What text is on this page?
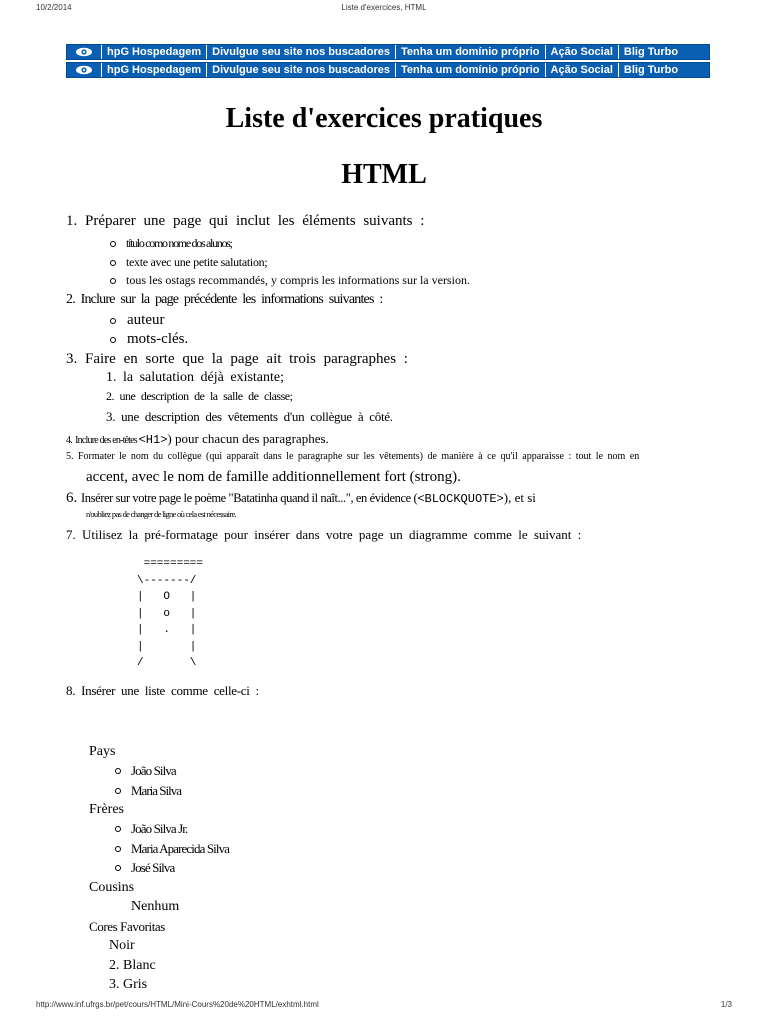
10/2/2014	Liste d'exercices, HTML
hpG Hospedagem	Divulgue seu site nos buscadores	Tenha um domínio próprio	Ação Social	Blig Turbo
hpG Hospedagem	Divulgue seu site nos buscadores	Tenha um domínio próprio	Ação Social	Blig Turbo
Liste d'exercices pratiques
HTML
1. Préparer une page qui inclut les éléments suivants :
título como nome dos alunos;
texte avec une petite salutation;
tous les ostags recommandés, y compris les informations sur la version.
2. Inclure sur la page précédente les informations suivantes :
auteur
mots-clés.
3. Faire en sorte que la page ait trois paragraphes :
1. la salutation déjà existante;
2. une description de la salle de classe;
3. une description des vêtements d'un collègue à côté.
4. Inclure des en-têtes <H1>) pour chacun des paragraphes.
5. Formater le nom du collègue (qui apparaît dans le paragraphe sur les vêtements) de manière à ce qu'il apparaisse : tout le nom en
accent, avec le nom de famille additionnellement fort (strong).
6. Insérer sur votre page le poème "Batatinha quand il naît...", en évidence (<BLOCKQUOTE>), et si
n'oubliez pas de changer de ligne où cela est nécessaire.
7. Utilisez la pré-formatage pour insérer dans votre page un diagramme comme le suivant :
=========
\-------/
|   O   |
|   o   |
|   .   |
|       |
/       \
8. Insérer une liste comme celle-ci :
Pays
João Silva
Maria Silva
Frères
João Silva Jr.
Maria Aparecida Silva
José Silva
Cousins
Nenhum
Cores Favoritas
Noir
2. Blanc
3. Gris
http://www.inf.ufrgs.br/pet/cours/HTML/Mini-Cours%20de%20HTML/exhtml.html	1/3
